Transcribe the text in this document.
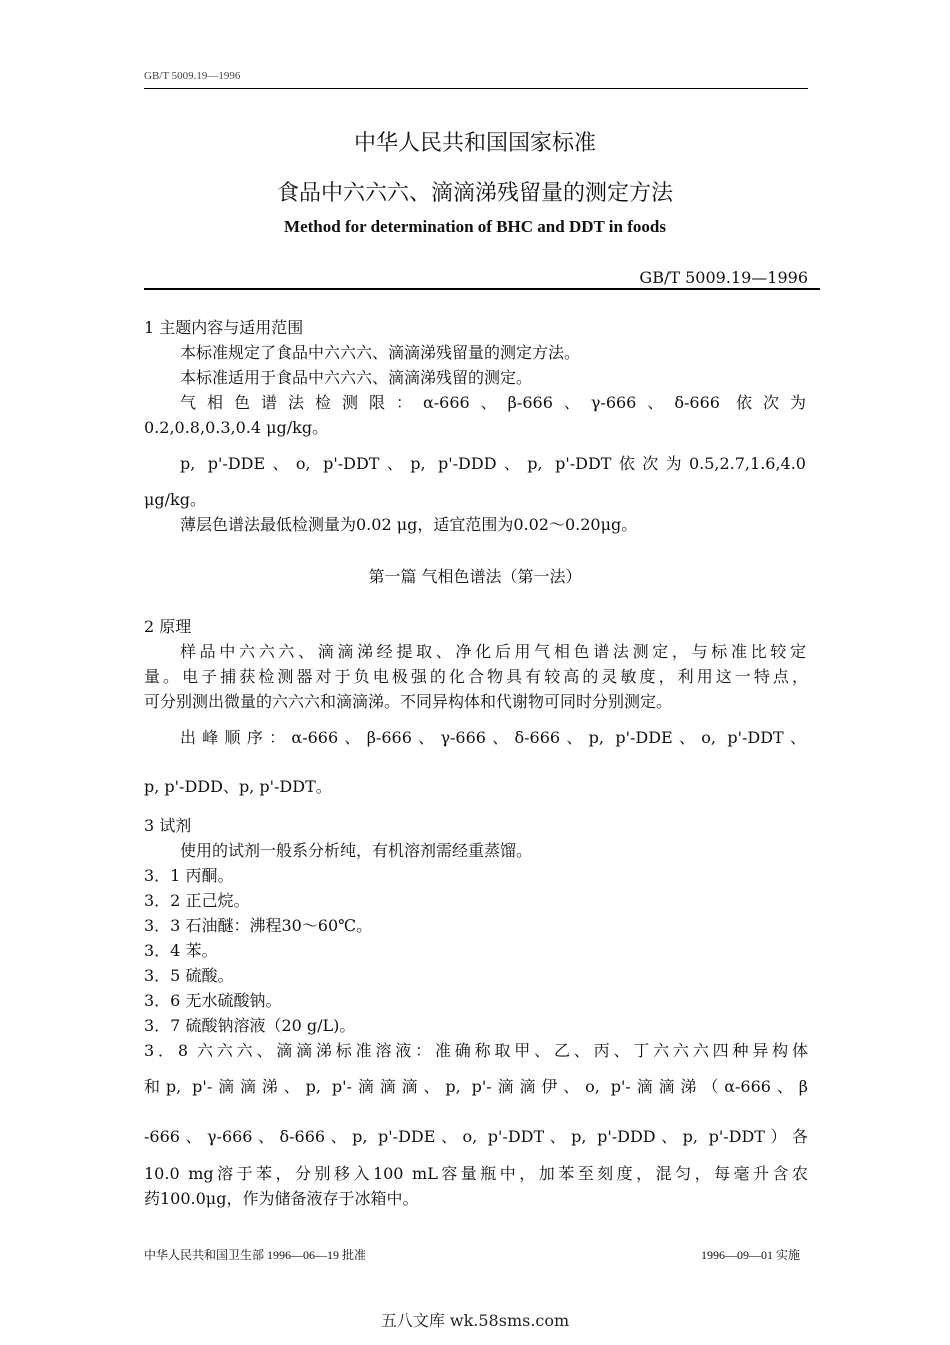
GB/T 5009.19—1996
中华人民共和国国家标准
食品中六六六、滴滴涕残留量的测定方法
Method for determination of BHC and DDT in foods
GB/T 5009.19—1996
1 主题内容与适用范围
本标准规定了食品中六六六、滴滴涕残留量的测定方法。
本标准适用于食品中六六六、滴滴涕残留的测定。
气相色谱法检测限：α-666、β-666、γ-666、δ-666 依次为
0.2,0.8,0.3,0.4 μg/kg。
p, p'-DDE、o, p'-DDT、p, p'-DDD、p, p'-DDT依次为0.5,2.7,1.6,4.0
μg/kg。
薄层色谱法最低检测量为0.02 μg，适宜范围为0.02～0.20μg。
第一篇 气相色谱法（第一法）
2 原理
样品中六六六、滴滴涕经提取、净化后用气相色谱法测定，与标准比较定
量。电子捕获检测器对于负电极强的化合物具有较高的灵敏度，利用这一特点，
可分别测出微量的六六六和滴滴涕。不同异构体和代谢物可同时分别测定。
出峰顺序：α-666、β-666、γ-666、δ-666、p, p'-DDE、o, p'-DDT、
p, p'-DDD、p, p'-DDT。
3 试剂
使用的试剂一般系分析纯，有机溶剂需经重蒸馏。
3．1 丙酮。
3．2 正己烷。
3．3 石油醚：沸程30～60℃。
3．4 苯。
3．5 硫酸。
3．6 无水硫酸钠。
3．7 硫酸钠溶液（20 g/L)。
3．8 六六六、滴滴涕标准溶液：准确称取甲、乙、丙、丁六六六四种异构体
和p, p'-滴滴涕、p, p'-滴滴滴、p, p'-滴滴伊、o, p'-滴滴涕（α-666、β
-666、γ-666、δ-666、p, p'-DDE、o, p'-DDT、p, p'-DDD、p, p'-DDT）各
10.0 mg溶于苯，分别移入100 mL容量瓶中，加苯至刻度，混匀，每毫升含农
药100.0μg，作为储备液存于冰箱中。
中华人民共和国卫生部 1996—06—19 批准	1996—09—01 实施
五八文库 wk.58sms.com
